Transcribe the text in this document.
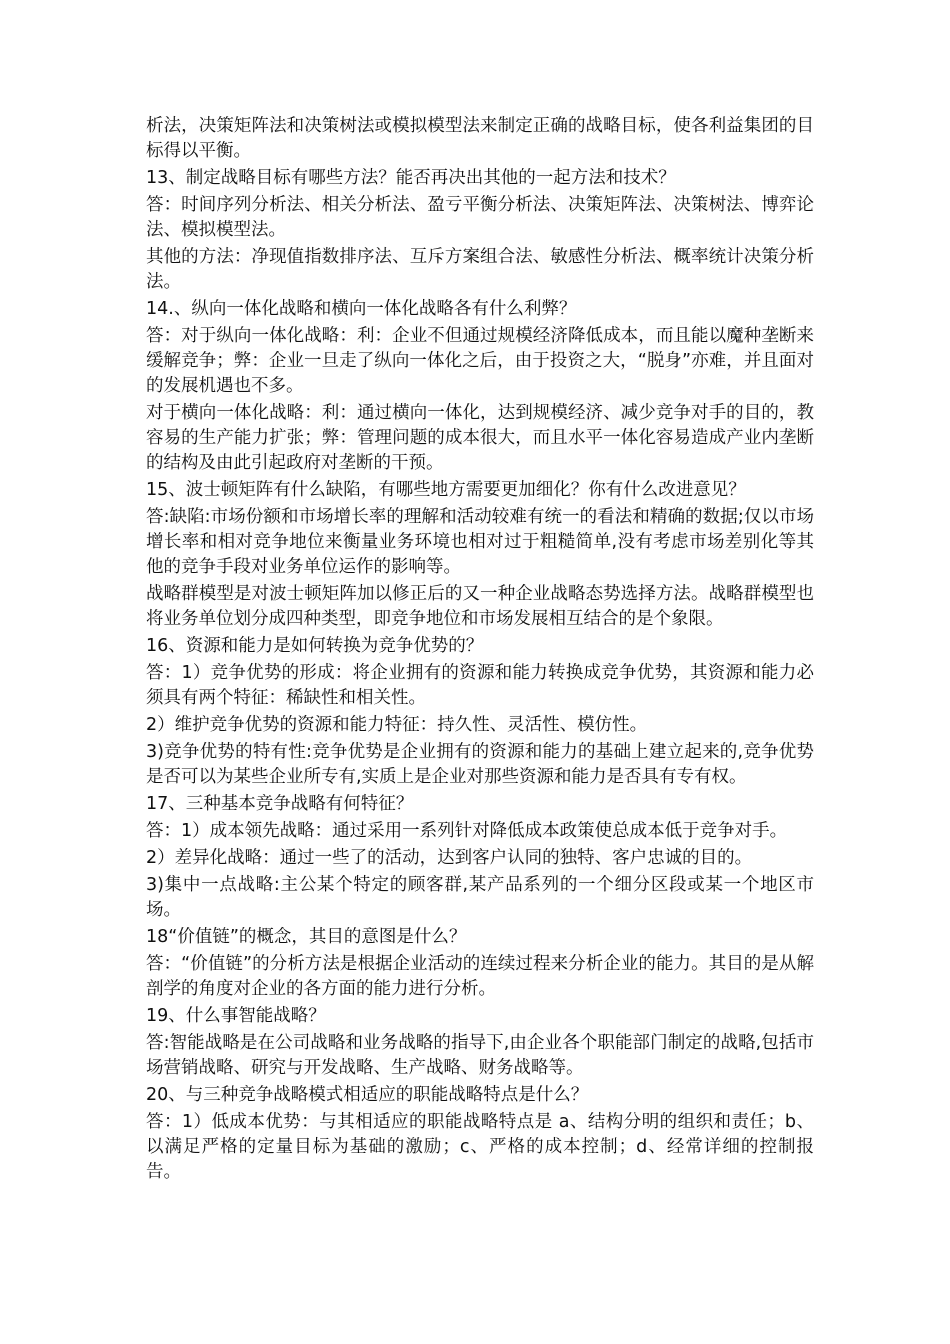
析法，决策矩阵法和决策树法或模拟模型法来制定正确的战略目标，使各利益集团的目标得以平衡。

13、制定战略目标有哪些方法？能否再决出其他的一起方法和技术？

答：时间序列分析法、相关分析法、盈亏平衡分析法、决策矩阵法、决策树法、博弈论法、模拟模型法。

其他的方法：净现值指数排序法、互斥方案组合法、敏感性分析法、概率统计决策分析法。

14.、纵向一体化战略和横向一体化战略各有什么利弊？

答：对于纵向一体化战略：利：企业不但通过规模经济降低成本，而且能以魔种垄断来缓解竞争；弊：企业一旦走了纵向一体化之后，由于投资之大，“脱身”亦难，并且面对的发展机遇也不多。

对于横向一体化战略：利：通过横向一体化，达到规模经济、减少竞争对手的目的，教容易的生产能力扩张；弊：管理问题的成本很大，而且水平一体化容易造成产业内垄断的结构及由此引起政府对垄断的干预。

15、波士顿矩阵有什么缺陷，有哪些地方需要更加细化？你有什么改进意见？

答:缺陷:市场份额和市场增长率的理解和活动较难有统一的看法和精确的数据;仅以市场增长率和相对竞争地位来衡量业务环境也相对过于粗糙简单,没有考虑市场差别化等其他的竞争手段对业务单位运作的影响等。

战略群模型是对波士顿矩阵加以修正后的又一种企业战略态势选择方法。战略群模型也将业务单位划分成四种类型，即竞争地位和市场发展相互结合的是个象限。

16、资源和能力是如何转换为竞争优势的？

答：1）竞争优势的形成：将企业拥有的资源和能力转换成竞争优势，其资源和能力必须具有两个特征：稀缺性和相关性。

2）维护竞争优势的资源和能力特征：持久性、灵活性、模仿性。

3)竞争优势的特有性:竞争优势是企业拥有的资源和能力的基础上建立起来的,竞争优势是否可以为某些企业所专有,实质上是企业对那些资源和能力是否具有专有权。

17、三种基本竞争战略有何特征？

答：1）成本领先战略：通过采用一系列针对降低成本政策使总成本低于竞争对手。

2）差异化战略：通过一些了的活动，达到客户认同的独特、客户忠诚的目的。

3)集中一点战略:主公某个特定的顾客群,某产品系列的一个细分区段或某一个地区市场。

18“价值链”的概念，其目的意图是什么？

答：“价值链”的分析方法是根据企业活动的连续过程来分析企业的能力。其目的是从解剖学的角度对企业的各方面的能力进行分析。

19、什么事智能战略？

答:智能战略是在公司战略和业务战略的指导下,由企业各个职能部门制定的战略,包括市场营销战略、研究与开发战略、生产战略、财务战略等。

20、与三种竞争战略模式相适应的职能战略特点是什么？

答：1）低成本优势：与其相适应的职能战略特点是 a、结构分明的组织和责任；b、以满足严格的定量目标为基础的激励；c、严格的成本控制；d、经常详细的控制报告。
